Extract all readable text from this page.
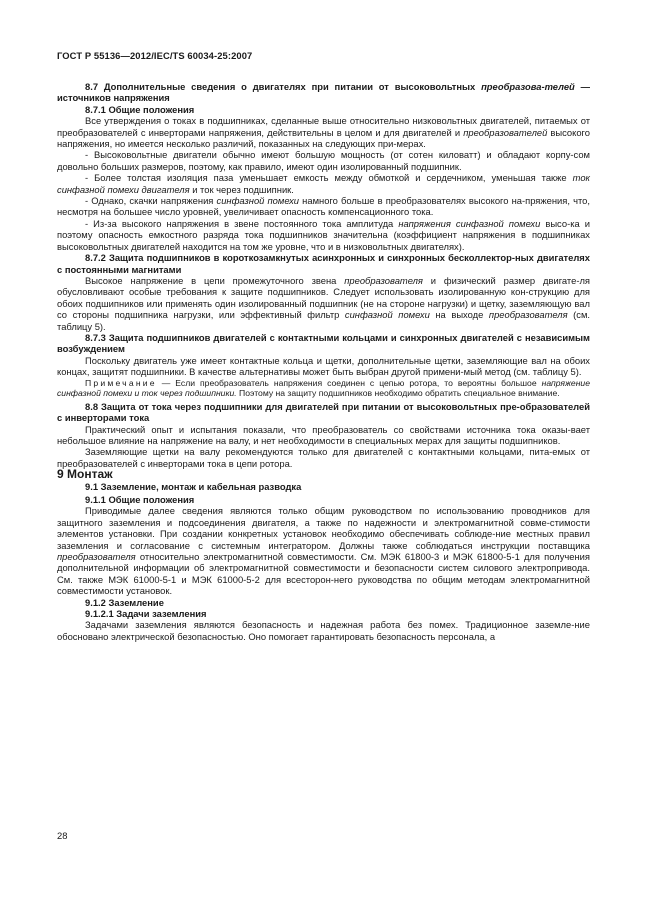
ГОСТ Р 55136—2012/IEC/TS 60034-25:2007

8.7 Дополнительные сведения о двигателях при питании от высоковольтных преобразова-телей — источников напряжения

8.7.1 Общие положения

Все утверждения о токах в подшипниках, сделанные выше относительно низковольтных двигателей, питаемых от преобразователей с инверторами напряжения, действительны в целом и для двигателей и преобразователей высокого напряжения, но имеется несколько различий, показанных на следующих при-мерах.

- Высоковольтные двигатели обычно имеют большую мощность (от сотен киловатт) и обладают корпу-сом довольно больших размеров, поэтому, как правило, имеют один изолированный подшипник.

- Более толстая изоляция паза уменьшает емкость между обмоткой и сердечником, уменьшая также ток синфазной помехи двигателя и ток через подшипник.

- Однако, скачки напряжения синфазной помехи намного больше в преобразователях высокого на-пряжения, что, несмотря на большее число уровней, увеличивает опасность компенсационного тока.

- Из-за высокого напряжения в звене постоянного тока амплитуда напряжения синфазной помехи высо-ка и поэтому опасность емкостного разряда тока подшипников значительна (коэффициент напряжения в подшипниках высоковольтных двигателей находится на том же уровне, что и в низковольтных двигателях).

8.7.2 Защита подшипников в короткозамкнутых асинхронных и синхронных бесколлектор-ных двигателях с постоянными магнитами

Высокое напряжение в цепи промежуточного звена преобразователя и физический размер двигате-ля обусловливают особые требования к защите подшипников. Следует использовать изолированную кон-струкцию для обоих подшипников или применять один изолированный подшипник (не на стороне нагрузки) и щетку, заземляющую вал со стороны подшипника нагрузки, или эффективный фильтр синфазной помехи на выходе преобразователя (см. таблицу 5).

8.7.3 Защита подшипников двигателей с контактными кольцами и синхронных двигателей с независимым возбуждением

Поскольку двигатель уже имеет контактные кольца и щетки, дополнительные щетки, заземляющие вал на обоих концах, защитят подшипники. В качестве альтернативы может быть выбран другой примени-мый метод (см. таблицу 5).

Примечание — Если преобразователь напряжения соединен с цепью ротора, то вероятны большое напряжение синфазной помехи и ток через подшипники. Поэтому на защиту подшипников необходимо обратить специальное внимание.

8.8 Защита от тока через подшипники для двигателей при питании от высоковольтных пре-образователей с инверторами тока

Практический опыт и испытания показали, что преобразователь со свойствами источника тока оказы-вает небольшое влияние на напряжение на валу, и нет необходимости в специальных мерах для защиты подшипников.

Заземляющие щетки на валу рекомендуются только для двигателей с контактными кольцами, пита-емых от преобразователей с инверторами тока в цепи ротора.

9 Монтаж

9.1 Заземление, монтаж и кабельная разводка

9.1.1 Общие положения

Приводимые далее сведения являются только общим руководством по использованию проводников для защитного заземления и подсоединения двигателя, а также по надежности и электромагнитной совме-стимости элементов установки. При создании конкретных установок необходимо обеспечивать соблюде-ние местных правил заземления и согласование с системным интегратором. Должны также соблюдаться инструкции поставщика преобразователя относительно электромагнитной совместимости. См. МЭК 61800-3 и МЭК 61800-5-1 для получения дополнительной информации об электромагнитной совместимости и безопасности систем силового электропривода. См. также МЭК 61000-5-1 и МЭК 61000-5-2 для всесторон-него руководства по общим методам электромагнитной совместимости установок.

9.1.2 Заземление

9.1.2.1 Задачи заземления

Задачами заземления являются безопасность и надежная работа без помех. Традиционное заземле-ние обосновано электрической безопасностью. Оно помогает гарантировать безопасность персонала, а

28
